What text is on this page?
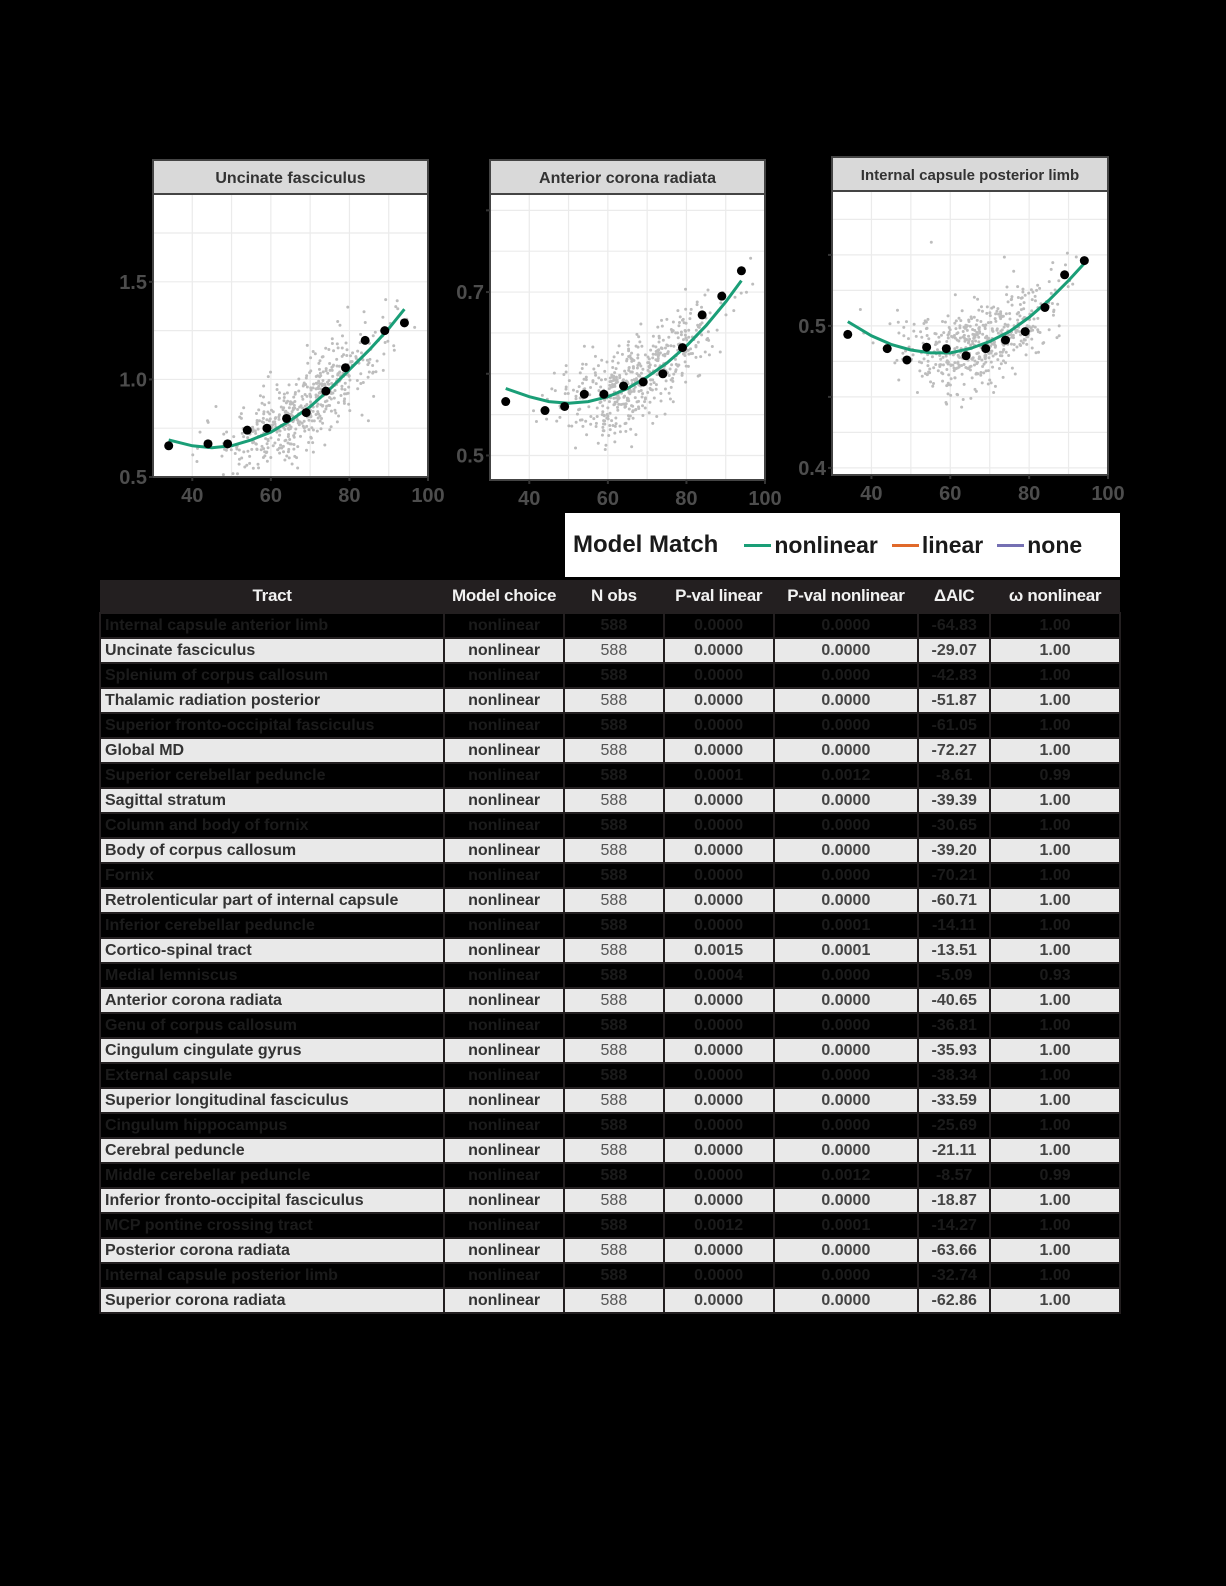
Uncinate fasciculus
0.5
1.0
1.5
40	60	80	100
Anterior corona radiata
0.5
0.7
40	60	80	100
Internal capsule posterior limb
0.4
0.5
40	60	80	100
Model Match nonlinear linear none
Tract	Model choice	N obs	P-val linear	P-val nonlinear	ΔAIC	ω nonlinear
Internal capsule anterior limb	nonlinear	588	0.0000	0.0000	-64.83	1.00
Uncinate fasciculus	nonlinear	588	0.0000	0.0000	-29.07	1.00
Splenium of corpus callosum	nonlinear	588	0.0000	0.0000	-42.83	1.00
Thalamic radiation posterior	nonlinear	588	0.0000	0.0000	-51.87	1.00
Superior fronto-occipital fasciculus	nonlinear	588	0.0000	0.0000	-61.05	1.00
Global MD	nonlinear	588	0.0000	0.0000	-72.27	1.00
Superior cerebellar peduncle	nonlinear	588	0.0001	0.0012	-8.61	0.99
Sagittal stratum	nonlinear	588	0.0000	0.0000	-39.39	1.00
Column and body of fornix	nonlinear	588	0.0000	0.0000	-30.65	1.00
Body of corpus callosum	nonlinear	588	0.0000	0.0000	-39.20	1.00
Fornix	nonlinear	588	0.0000	0.0000	-70.21	1.00
Retrolenticular part of internal capsule	nonlinear	588	0.0000	0.0000	-60.71	1.00
Inferior cerebellar peduncle	nonlinear	588	0.0000	0.0001	-14.11	1.00
Cortico-spinal tract	nonlinear	588	0.0015	0.0001	-13.51	1.00
Medial lemniscus	nonlinear	588	0.0004	0.0000	-5.09	0.93
Anterior corona radiata	nonlinear	588	0.0000	0.0000	-40.65	1.00
Genu of corpus callosum	nonlinear	588	0.0000	0.0000	-36.81	1.00
Cingulum cingulate gyrus	nonlinear	588	0.0000	0.0000	-35.93	1.00
External capsule	nonlinear	588	0.0000	0.0000	-38.34	1.00
Superior longitudinal fasciculus	nonlinear	588	0.0000	0.0000	-33.59	1.00
Cingulum hippocampus	nonlinear	588	0.0000	0.0000	-25.69	1.00
Cerebral peduncle	nonlinear	588	0.0000	0.0000	-21.11	1.00
Middle cerebellar peduncle	nonlinear	588	0.0000	0.0012	-8.57	0.99
Inferior fronto-occipital fasciculus	nonlinear	588	0.0000	0.0000	-18.87	1.00
MCP pontine crossing tract	nonlinear	588	0.0012	0.0001	-14.27	1.00
Posterior corona radiata	nonlinear	588	0.0000	0.0000	-63.66	1.00
Internal capsule posterior limb	nonlinear	588	0.0000	0.0000	-32.74	1.00
Superior corona radiata	nonlinear	588	0.0000	0.0000	-62.86	1.00
